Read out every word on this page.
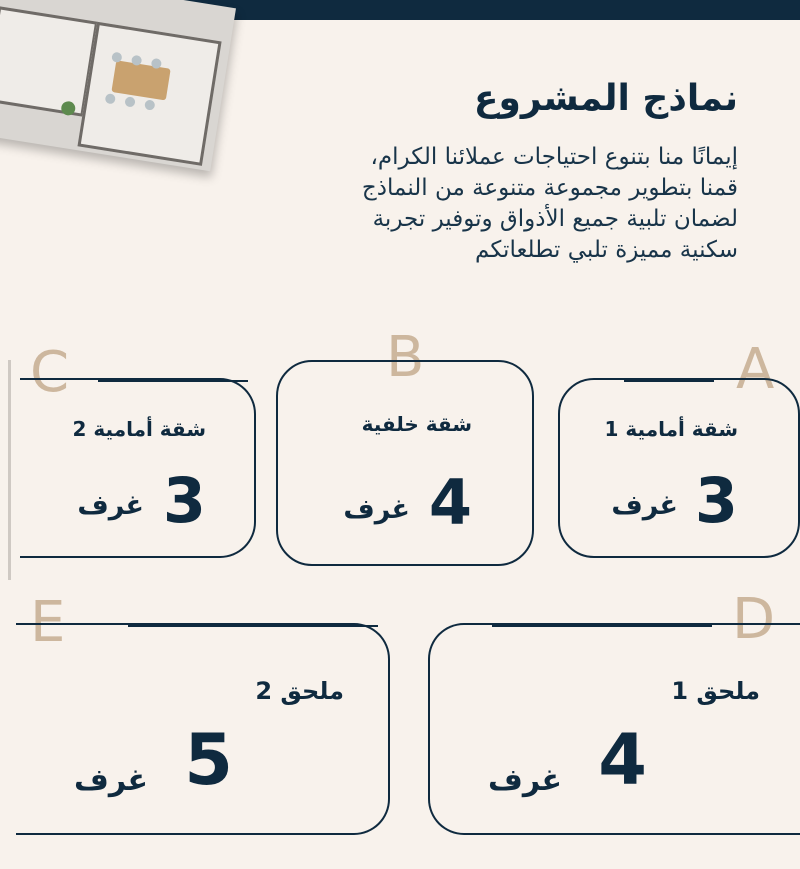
نماذج المشروع
إيمانًا منا بتنوع احتياجات عملائنا الكرام،
قمنا بتطوير مجموعة متنوعة من النماذج
لضمان تلبية جميع الأذواق وتوفير تجربة
سكنية مميزة تلبي تطلعاتكم
A
شقة أمامية 1
3
غرف
B
شقة خلفية
4
غرف
C
شقة أمامية 2
3
غرف
D
ملحق 1
4
غرف
E
ملحق 2
5
غرف
